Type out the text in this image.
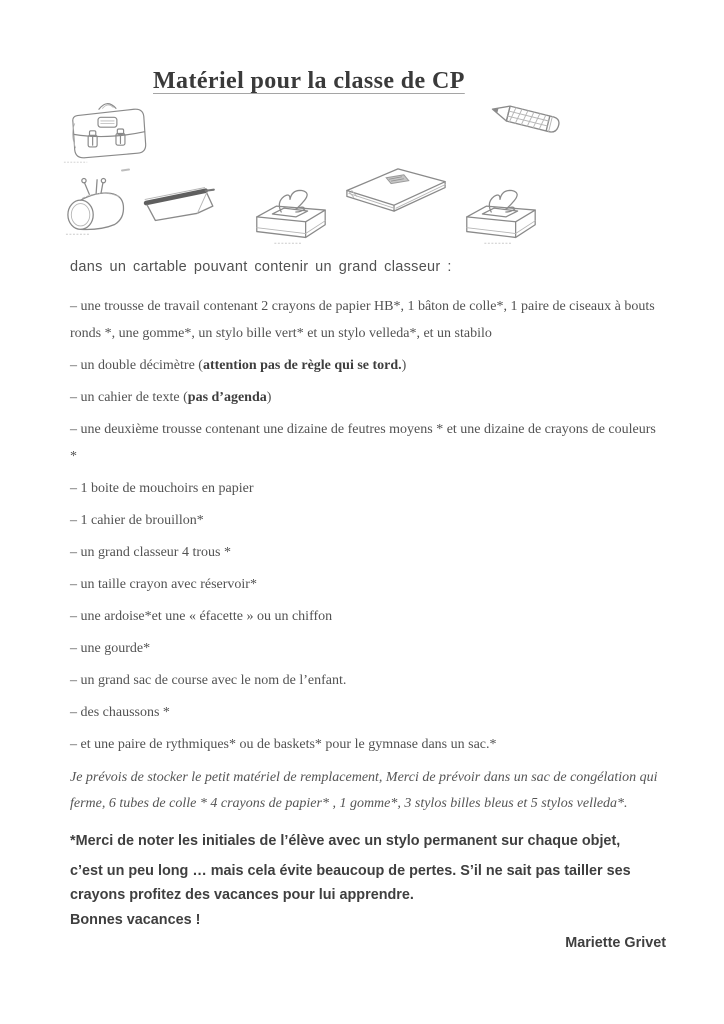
Matériel pour la classe de CP

dans un cartable pouvant contenir un grand classeur :

– une trousse de travail contenant 2 crayons de papier HB*, 1 bâton de colle*, 1 paire de ciseaux à bouts ronds *, une gomme*, un stylo bille vert* et un stylo velleda*, et un stabilo

– un double décimètre (attention pas de règle qui se tord.)

– un cahier de texte (pas d’agenda)

– une deuxième trousse contenant une dizaine de feutres moyens * et une dizaine de crayons de couleurs *

– 1 boite de mouchoirs en papier

– 1 cahier de brouillon*

– un grand classeur 4 trous *

– un taille crayon avec réservoir*

– une ardoise*et une « éfacette » ou un chiffon

– une gourde*

– un grand sac de course avec le nom de l’enfant.

– des chaussons *

– et une paire de rythmiques* ou de baskets* pour le gymnase dans un sac.*

Je prévois de stocker le petit matériel de remplacement, Merci de prévoir dans un sac de congélation qui ferme, 6 tubes de colle * 4 crayons de papier* , 1 gomme*, 3 stylos billes bleus et 5 stylos velleda*.

*Merci de noter les initiales de l’élève avec un stylo permanent sur chaque objet,

c’est un peu long … mais cela évite beaucoup de pertes. S’il ne sait pas tailler ses crayons profitez des vacances pour lui apprendre.

Bonnes vacances !

Mariette Grivet
